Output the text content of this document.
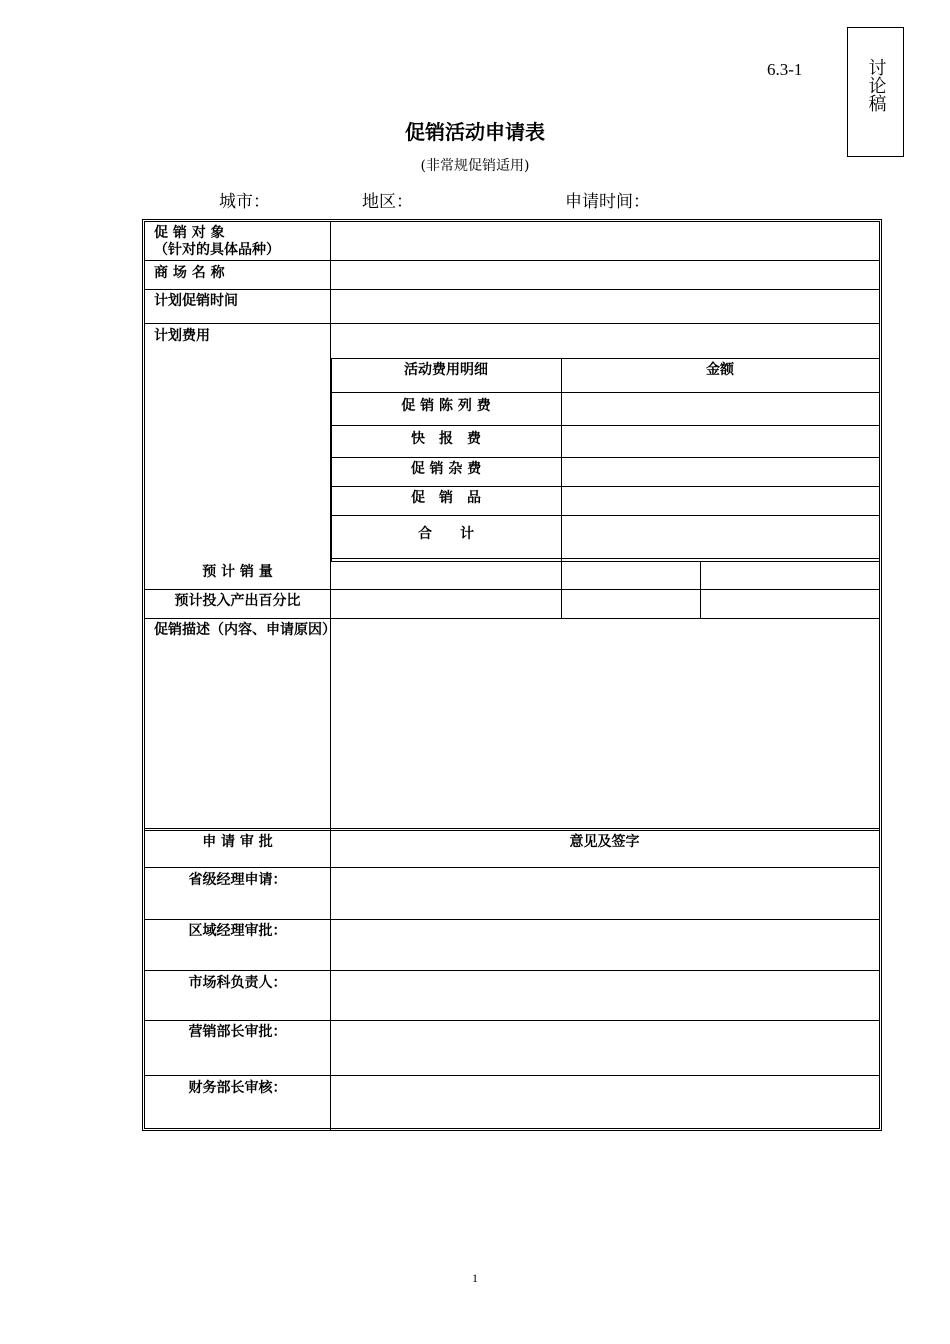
6.3-1	讨论稿
促销活动申请表
(非常规促销适用)
城市：	地区：	申请时间：
促 销 对 象
（针对的具体品种）
商 场 名 称
计划促销时间
计划费用
活动费用明细	金额
促 销 陈 列 费
快　报　费
促 销 杂 费
促　销　品
合　　计
预 计 销 量
预计投入产出百分比
促销描述（内容、申请原因）
申 请 审 批	意见及签字
省级经理申请：
区域经理审批：
市场科负责人：
营销部长审批：
财务部长审核：
1
